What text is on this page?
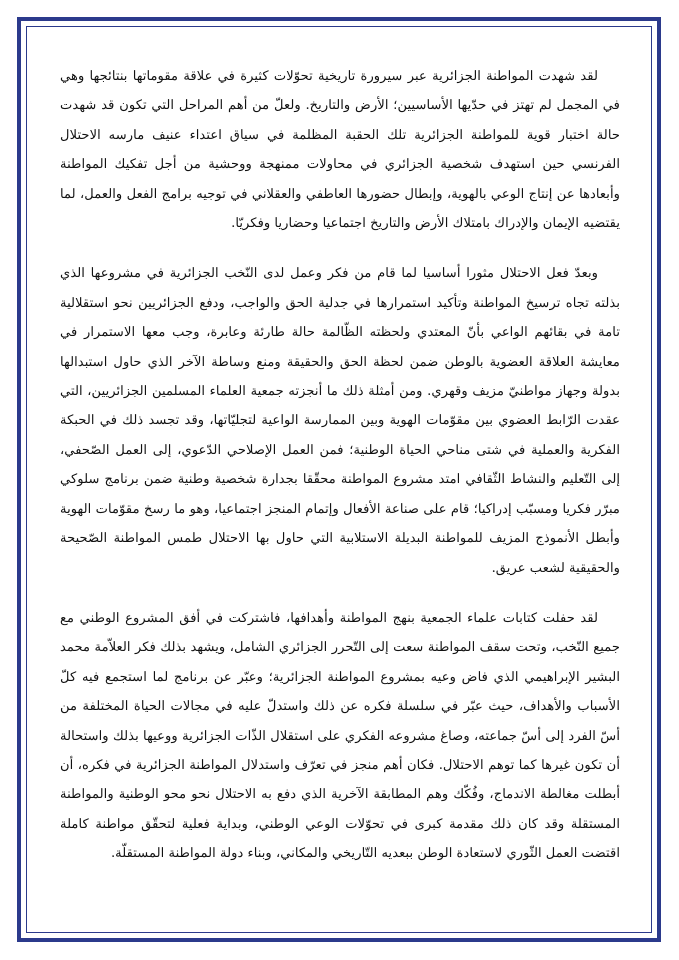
لقد شهدت المواطنة الجزائرية عبر سيرورة تاريخية تحوّلات كثيرة في علاقة مقوماتها بنتائجها وهي في المجمل لم تهتز في حدّيها الأساسيين؛ الأرض والتاريخ. ولعلّ من أهم المراحل التي تكون قد شهدت حالة اختبار قوية للمواطنة الجزائرية تلك الحقبة المظلمة في سياق اعتداء عنيف مارسه الاحتلال الفرنسي حين استهدف شخصية الجزائري في محاولات ممنهجة ووحشية من أجل تفكيك المواطنة وأبعادها عن إنتاج الوعي بالهوية، وإبطال حضورها العاطفي والعقلاني في توجيه برامج الفعل والعمل، لما يقتضيه الإيمان والإدراك بامتلاك الأرض والتاريخ اجتماعيا وحضاريا وفكريّا.

وبعدّ فعل الاحتلال مثورا أساسيا لما قام من فكر وعمل لدى النّخب الجزائرية في مشروعها الذي بذلته تجاه ترسيخ المواطنة وتأكيد استمرارها في جدلية الحق والواجب، ودفع الجزائريين نحو استقلالية تامة في بقائهم الواعي بأنّ المعتدي ولحظته الظّالمة حالة طارئة وعابرة، وجب معها الاستمرار في معايشة العلاقة العضوية بالوطن ضمن لحظة الحق والحقيقة ومنع وساطة الآخر الذي حاول استبدالها بدولة وجهاز مواطنيّ مزيف وقهري. ومن أمثلة ذلك ما أنجزته جمعية العلماء المسلمين الجزائريين، التي عقدت الرّابط العضوي بين مقوّمات الهوية وبين الممارسة الواعية لتجليّاتها، وقد تجسد ذلك في الحبكة الفكرية والعملية في شتى مناحي الحياة الوطنية؛ فمن العمل الإصلاحي الدّعوي، إلى العمل الصّحفي، إلى التّعليم والنشاط الثّقافي امتد مشروع المواطنة محقّقا بجدارة شخصية وطنية ضمن برنامج سلوكي مبرّر فكريا ومسبّب إدراكيا؛ قام على صناعة الأفعال وإتمام المنجز اجتماعيا، وهو ما رسخ مقوّمات الهوية وأبطل الأنموذج المزيف للمواطنة البديلة الاستلابية التي حاول بها الاحتلال طمس المواطنة الصّحيحة والحقيقية لشعب عريق.

لقد حفلت كتابات علماء الجمعية بنهج المواطنة وأهدافها، فاشتركت في أفق المشروع الوطني مع جميع النّخب، وتحت سقف المواطنة سعت إلى التّحرر الجزائري الشامل، ويشهد بذلك فكر العلاّمة محمد البشير الإبراهيمي الذي فاض وعيه بمشروع المواطنة الجزائرية؛ وعبّر عن برنامج لما استجمع فيه كلّ الأسباب والأهداف، حيث عبّر في سلسلة فكره عن ذلك واستدلّ عليه في مجالات الحياة المختلفة من أسّ الفرد إلى أسّ جماعته، وصاغ مشروعه الفكري على استقلال الذّات الجزائرية ووعيها بذلك واستحالة أن تكون غيرها كما توهم الاحتلال. فكان أهم منجز في تعرّف واستدلال المواطنة الجزائرية في فكره، أن أبطلت مغالطة الاندماج، وفُكّك وهم المطابقة الآخرية الذي دفع به الاحتلال نحو محو الوطنية والمواطنة المستقلة وقد كان ذلك مقدمة كبرى في تحوّلات الوعي الوطني، وبداية فعلية لتحقّق مواطنة كاملة اقتضت العمل الثّوري لاستعادة الوطن ببعديه التّاريخي والمكاني، وبناء دولة المواطنة المستقلّة.
